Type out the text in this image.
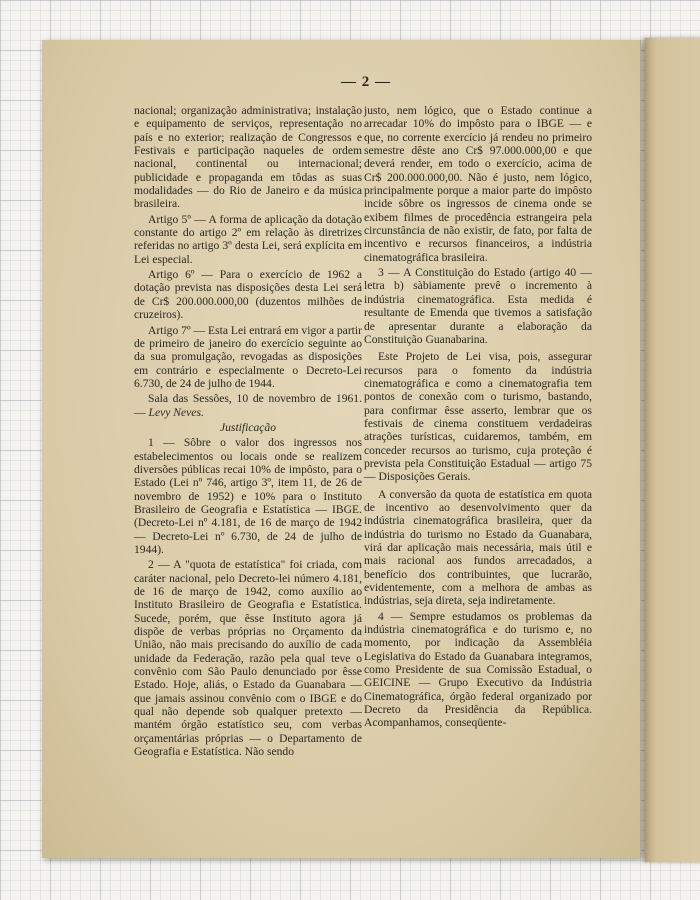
— 2 —

nacional; organização administrativa; instalação e equipamento de serviços, representação no país e no exterior; realização de Congressos e Festivais e participação naqueles de ordem nacional, continental ou internacional; publicidade e propaganda em tôdas as suas modalidades — do Rio de Janeiro e da música brasileira.

Artigo 5º — A forma de aplicação da dotação constante do artigo 2º em relação às diretrizes referidas no artigo 3º desta Lei, será explícita em Lei especial.

Artigo 6º — Para o exercício de 1962 a dotação prevista nas disposições desta Lei será de Cr$ 200.000.000,00 (duzentos milhões de cruzeiros).

Artigo 7º — Esta Lei entrará em vigor a partir de primeiro de janeiro do exercício seguinte ao da sua promulgação, revogadas as disposições em contrário e especialmente o Decreto-Lei 6.730, de 24 de julho de 1944.

Sala das Sessões, 10 de novembro de 1961. — Levy Neves.

Justificação

1 — Sôbre o valor dos ingressos nos estabelecimentos ou locais onde se realizem diversões públicas recai 10% de impôsto, para o Estado (Lei nº 746, artigo 3º, item 11, de 26 de novembro de 1952) e 10% para o Instituto Brasileiro de Geografia e Estatística — IBGE. (Decreto-Lei nº 4.181, de 16 de março de 1942 — Decreto-Lei nº 6.730, de 24 de julho de 1944).

2 — A "quota de estatística" foi criada, com caráter nacional, pelo Decreto-lei número 4.181, de 16 de março de 1942, como auxílio ao Instituto Brasileiro de Geografia e Estatística. Sucede, porém, que êsse Instituto agora já dispõe de verbas próprias no Orçamento da União, não mais precisando do auxílio de cada unidade da Federação, razão pela qual teve o convênio com São Paulo denunciado por êsse Estado. Hoje, aliás, o Estado da Guanabara — que jamais assinou convênio com o IBGE e do qual não depende sob qualquer pretexto — mantém órgão estatístico seu, com verbas orçamentárias próprias — o Departamento de Geografia e Estatística. Não sendo

justo, nem lógico, que o Estado continue a arrecadar 10% do impôsto para o IBGE — e que, no corrente exercício já rendeu no primeiro semestre dêste ano Cr$ 97.000.000,00 e que deverá render, em todo o exercício, acima de Cr$ 200.000.000,00. Não é justo, nem lógico, principalmente porque a maior parte do impôsto incide sôbre os ingressos de cinema onde se exibem filmes de procedência estrangeira pela circunstância de não existir, de fato, por falta de incentivo e recursos financeiros, a indústria cinematográfica brasileira.

3 — A Constituição do Estado (artigo 40 — letra b) sàbiamente prevê o incremento à indústria cinematográfica. Esta medida é resultante de Emenda que tivemos a satisfação de apresentar durante a elaboração da Constituição Guanabarina.

Este Projeto de Lei visa, pois, assegurar recursos para o fomento da indústria cinematográfica e como a cinematografia tem pontos de conexão com o turismo, bastando, para confirmar êsse asserto, lembrar que os festivais de cinema constituem verdadeiras atrações turísticas, cuidaremos, também, em conceder recursos ao turismo, cuja proteção é prevista pela Constituição Estadual — artigo 75 — Disposições Gerais.

A conversão da quota de estatística em quota de incentivo ao desenvolvimento quer da indústria cinematográfica brasileira, quer da indústria do turismo no Estado da Guanabara, virá dar aplicação mais necessária, mais útil e mais racional aos fundos arrecadados, a benefício dos contribuintes, que lucrarão, evidentemente, com a melhora de ambas as indústrias, seja direta, seja indiretamente.

4 — Sempre estudamos os problemas da indústria cinematográfica e do turismo e, no momento, por indicação da Assembléia Legislativa do Estado da Guanabara integramos, como Presidente de sua Comissão Estadual, o GEICINE — Grupo Executivo da Indústria Cinematográfica, órgão federal organizado por Decreto da Presidência da República. Acompanhamos, conseqüente-
